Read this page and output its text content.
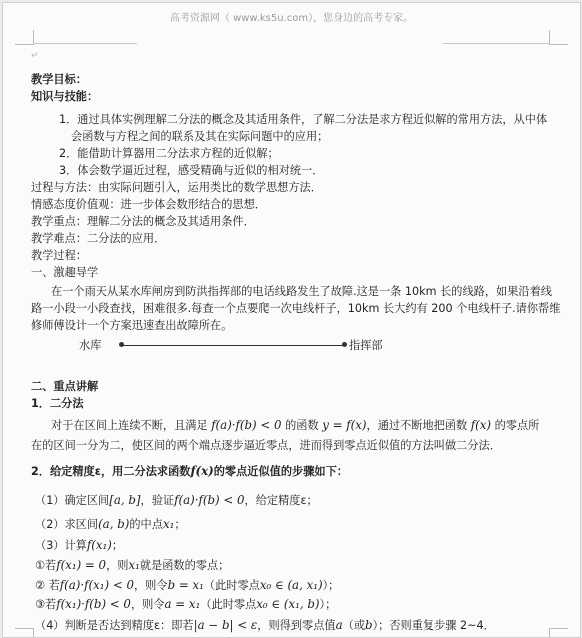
高考资源网（ www.ks5u.com），您身边的高考专家。
↵
教学目标：
知识与技能：
1．通过具体实例理解二分法的概念及其适用条件，了解二分法是求方程近似解的常用方法，从中体
会函数与方程之间的联系及其在实际问题中的应用；
2．能借助计算器用二分法求方程的近似解；
3．体会数学逼近过程，感受精确与近似的相对统一．
过程与方法：由实际问题引入，运用类比的数学思想方法．
情感态度价值观：进一步体会数形结合的思想．
教学重点：理解二分法的概念及其适用条件．
教学难点：二分法的应用．
教学过程：
一、激趣导学
在一个雨天从某水库闸房到防洪指挥部的电话线路发生了故障.这是一条 10km 长的线路，如果沿着线
路一小段一小段查找，困难很多.每查一个点要爬一次电线杆子，10km 长大约有 200 个电线杆子.请你帮维
修师傅设计一个方案迅速查出故障所在。
水库	指挥部
二、重点讲解
1．二分法
对于在区间上连续不断，且满足 f(a)·f(b) < 0 的函数 y = f(x)，通过不断地把函数 f(x) 的零点所
在的区间一分为二，使区间的两个端点逐步逼近零点，进而得到零点近似值的方法叫做二分法．
2．给定精度ε，用二分法求函数f(x)的零点近似值的步骤如下：
（1）确定区间[a, b]，验证f(a)·f(b) < 0，给定精度ε；
（2）求区间(a, b)的中点x₁；
（3）计算f(x₁)；
①若f(x₁) = 0，则x₁就是函数的零点；
② 若f(a)·f(x₁) < 0，则令b = x₁（此时零点x₀ ∈ (a, x₁)）；
③若f(x₁)·f(b) < 0，则令a = x₁（此时零点x₀ ∈ (x₁, b)）；
（4）判断是否达到精度ε：即若|a − b| < ε，则得到零点值a（或b）；否则重复步骤 2~4．
